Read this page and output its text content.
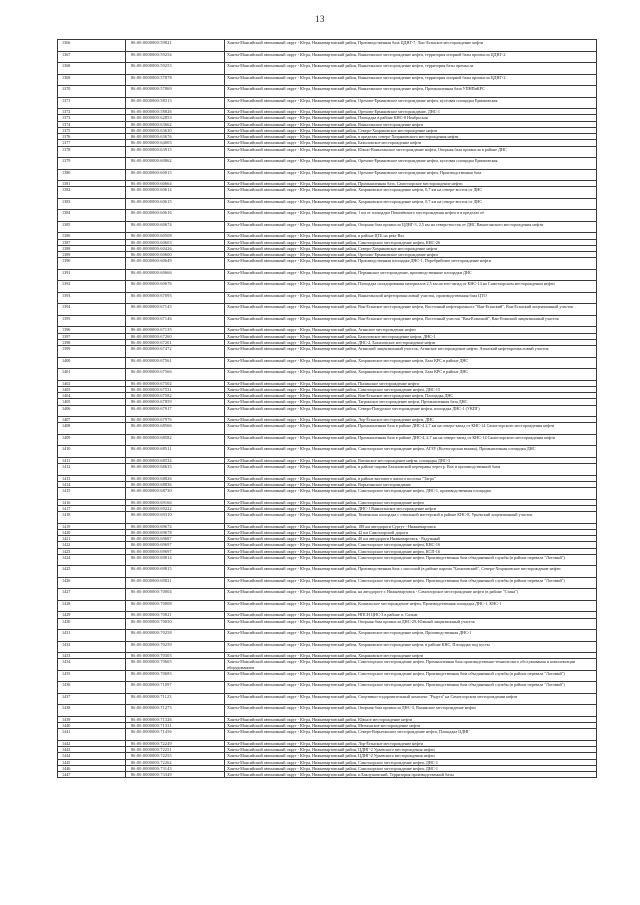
13
1366	86:00:0000000:59821	Ханты-Мансийский автономный округ - Югра, Нижневартовский район, Производственная база ЦДНГ-7, Лыс-Еганское месторождение нефти
1367	86:00:0000000:59254	Ханты-Мансийский автономный округ - Югра, Нижневартовский район, Ваньеганское месторождение нефти, территория опорной базы промысла ЦДНГ-2
1368	86:00:0000000:59253	Ханты-Мансийский автономный округ - Югра, Нижневартовский район, Ваньеганское месторождение нефти, территория базы промысла
1369	86:00:0000000:57878	Ханты-Мансийский автономный округ - Югра, Нижневартовский район, Ваньеганское месторождение нефти, территория опорной базы промысла ЦДНГ-2
1370	86:00:0000000:57869	Ханты-Мансийский автономный округ - Югра, Нижневартовский район, Ваньеганское месторождение нефти, Промышленная база УПНПиКРС
1371	86:00:0000000:58313	Ханты-Мансийский автономный округ - Югра, Нижневартовский район, Орехово-Ермаковское месторождение нефти, кустовая площадка Ермаковская
1372	86:00:0000000:58826	Ханты-Мансийский автономный округ - Югра, Нижневартовский район, Орехово-Ермаковское месторождение, ДНС-1
1373	86:00:0000000:62853	Ханты-Мансийский автономный округ - Югра, Нижневартовский район, Площадка в районе КНС-8 Ноябрьская
1374	86:00:0000000:63662	Ханты-Мансийский автономный округ - Югра, Нижневартовский район, Ваньеганское месторождение нефти
1375	86:00:0000000:63630	Ханты-Мансийский автономный округ - Югра, Нижневартовский район, Северо-Хохряковское месторождение нефти
1376	86:00:0000000:63676	Ханты-Мансийский автономный округ - Югра, Нижневартовский район, в пределах северо-Хохряковского месторождения нефти
1377	86:00:0000000:64003	Ханты-Мансийский автономный округ - Югра, Нижневартовский район, Бахиловское месторождение нефти
1378	86:00:0000000:63915	Ханты-Мансийский автономный округ - Югра, Нижневартовский район, Южно-Ваньеганское месторождение нефти, Опорная база промысла в районе ДНС
1379	86:00:0000000:60062	Ханты-Мансийский автономный округ - Югра, Нижневартовский район, Орехово-Ермаковское месторождение нефти, кустовая площадка Ермаковская
1380	86:00:0000000:60015	Ханты-Мансийский автономный округ - Югра, Нижневартовский район, Орехово-Ермаковское месторождение нефти, Производственная база
1381	86:00:0000000:60664	Ханты-Мансийский автономный округ - Югра, Нижневартовский район, Промышленная база, Самотлорское месторождение нефти
1382	86:00:0000000:60614	Ханты-Мансийский автономный округ - Югра, Нижневартовский район, Хохряковское месторождение нефти, 0,7 км на северо-восток от ДНС
1383	86:00:0000000:60615	Ханты-Мансийский автономный округ - Югра, Нижневартовский район, Хохряковское месторождение нефти, 0,7 км на северо-восток от ДНС
1384	86:00:0000000:60616	Ханты-Мансийский автономный округ - Югра, Нижневартовский район, 1 км от площадки Покачёвского месторождения нефти и в пределах её
1385	86:00:0000000:60674	Ханты-Мансийский автономный округ - Югра, Нижневартовский район, Опорная база промысла ЦДНГ-3, 2,5 км на северо-восток от ДНС Ваньеганского месторождения нефти
1386	86:00:0000000:60508	Ханты-Мансийский автономный округ - Югра, Нижневартовский район, в районе ЦТБ на реке Вах
1387	86:00:0000000:60603	Ханты-Мансийский автономный округ - Югра, Нижневартовский район, Самотлорское месторождение нефти, КНС-26
1388	86:00:0000000:60426	Ханты-Мансийский автономный округ - Югра, Нижневартовский район, Северо-Хохряковское месторождение нефти
1389	86:00:0000000:60600	Ханты-Мансийский автономный округ - Югра, Нижневартовский район, Орехово-Ермаковское месторождение нефти
1390	86:00:0000000:60649	Ханты-Мансийский автономный округ - Югра, Нижневартовский район, Производственная площадка ДНС-1, Поребрийское месторождение нефти
1391	86:00:0000000:60666	Ханты-Мансийский автономный округ - Югра, Нижневартовский район, Пермякское месторождение, производственные площадки ДНС
1392	86:00:0000000:60676	Ханты-Мансийский автономный округ - Югра, Нижневартовский район, Площадка складирования материалов 2,5 км на юго-запад от КНС-14 на Самотлорском месторождении нефти
1393	86:00:0000000:67093	Ханты-Мансийский автономный округ - Югра, Нижневартовский район, Ваньеганский нефтепромысловый участок, производственная база ЦТО
1394	86:00:0000000:67145	Ханты-Мансийский автономный округ - Югра, Нижневартовский район, Ван-Еганское месторождение нефти, Восточный нефтепромысел "Ван-Еганский", Ван-Еганский лицензионный участок
1395	86:00:0000000:67146	Ханты-Мансийский автономный округ - Югра, Нижневартовский район, Ван-Еганское месторождение нефти, Восточный участок "Ван-Еганский", Ван-Еганский лицензионный участок
1396	86:00:0000000:67135	Ханты-Мансийский автономный округ - Югра, Нижневартовский район, Агинское месторождение нефти
1397	86:00:0000000:67260	Ханты-Мансийский автономный округ - Югра, Нижневартовский район, Бахиловское месторождение нефти, ДНС-1
1398	86:00:0000000:67201	Ханты-Мансийский автономный округ - Югра, Нижневартовский район, ДНС-2, Бахиловское месторождение нефти
1399	86:00:0000000:67472	Ханты-Мансийский автономный округ - Югра, Нижневартовский район, Агинский лицензионный участок, Агинское месторождение нефти, Агинский нефтепромысловый участок
1400	86:00:0000000:67561	Ханты-Мансийский автономный округ - Югра, Нижневартовский район, Хохряковское месторождение нефти, База КРС в районе ДНС
1401	86:00:0000000:67566	Ханты-Мансийский автономный округ - Югра, Нижневартовский район, Хохряковское месторождение нефти, База КРС в районе ДНС
1402	86:00:0000000:67502	Ханты-Мансийский автономный округ - Югра, Нижневартовский район, Пылинское месторождение нефти
1403	86:00:0000000:67531	Ханты-Мансийский автономный округ - Югра, Нижневартовский район, Самотлорское месторождение нефти, ДНС-15
1404	86:00:0000000:67582	Ханты-Мансийский автономный округ - Югра, Нижневартовский район, Ван-Еганское месторождение нефти, Площадка ДНС
1405	86:00:0000000:67859	Ханты-Мансийский автономный округ - Югра, Нижневартовский район, Тагринское месторождение нефти, Промышленная база ДНС
1406	86:00:0000000:67917	Ханты-Мансийский автономный округ - Югра, Нижневартовский район, Северо-Покурское месторождение нефти, площадка ДНС-1 (УКПГ)
1407	86:00:0000000:67976	Ханты-Мансийский автономный округ - Югра, Нижневартовский район, Лор-Ёганское месторождение нефти, ДНС
1408	86:00:0000000:68566	Ханты-Мансийский автономный округ - Югра, Нижневартовский район, Промышленная база в районе ДНС-4 2,7 км на северо-запад от КНС-14 Самотлорского месторождения нефти
1409	86:00:0000000:68582	Ханты-Мансийский автономный округ - Югра, Нижневартовский район, Промышленная база в районе ДНС-4, 2,7 км на северо-запад от КНС-14 Самотлорского месторождения нефти
1410	86:00:0000000:68511	Ханты-Мансийский автономный округ - Югра, Нижневартовский район, Самотлорское месторождение нефти, АГЗУ (Колтогорская вышка), Промышленная площадка ДНС
1411	86:00:0000000:68534	Ханты-Мансийский автономный округ - Югра, Нижневартовский район, Ватинское месторождение нефти, площадка ДНС-3
1412	86:00:0000000:68635	Ханты-Мансийский автономный округ - Югра, Нижневартовский район, в районе парома Бахиловской переправы через р. Вах и производственной базы
1413	86:00:0000000:68826	Ханты-Мансийский автономный округ - Югра, Нижневартовский район, в районе вахтового жилого поселка "Тагра"
1414	86:00:0000000:68836	Ханты-Мансийский автономный округ - Югра, Нижневартовский район, Варьеганское месторождение
1415	86:00:0000000:68730	Ханты-Мансийский автономный округ - Югра, Нижневартовский район, Самотлорское месторождение нефти, ДНС-1, производственная площадка
1416	86:00:0000000:69166	Ханты-Мансийский автономный округ - Югра, Нижневартовский район, Самотлорское месторождение нефти
1417	86:00:0000000:69222	Ханты-Мансийский автономный округ - Югра, Нижневартовский район, ДНС-1 Ваньеганское месторождение нефти
1418	86:00:0000000:69310	Ханты-Мансийский автономный округ - Югра, Нижневартовский район, Тюменская площадка с отвальной мастерской в районе КНС-8, Урьевский лицензионный участок
1419	86:00:0000000:69674	Ханты-Мансийский автономный округ - Югра, Нижневартовский район, 188 км автодороги Сургут - Нижневартовск
1420	86:00:0000000:69678	Ханты-Мансийский автономный округ - Югра, Нижневартовский район, 42 км Самотлорской дороги
1421	86:00:0000000:69687	Ханты-Мансийский автономный округ - Югра, Нижневартовский район, 40 км автодороги Нижневартовск - Радужный
1422	86:00:0000000:69697	Ханты-Мансийский автономный округ - Югра, Нижневартовский район, Самотлорское месторождение нефти, КНС-16
1423	86:00:0000000:69697	Ханты-Мансийский автономный округ - Югра, Нижневартовский район, Самотлорское месторождение нефти, КСП-16
1424	86:00:0000000:69814	Ханты-Мансийский автономный округ - Югра, Нижневартовский район, Самотлорское месторождение нефти, Производственная база объединенной службы (в районе перевала "Лотовый")
1425	86:00:0000000:69815	Ханты-Мансийский автономный округ - Югра, Нижневартовский район, Производственная база с насосной (в районе парома "Бахиловский", Северо-Хохряковское месторождение нефти
1426	86:00:0000000:69821	Ханты-Мансийский автономный округ - Югра, Нижневартовский район, Самотлорское месторождение нефти, Производственная база объединенной службы (в районе перевала "Лотовый")
1427	86:00:0000000:70004	Ханты-Мансийский автономный округ - Югра, Нижневартовский район, на автодороге г. Нижневартовск - Самотлорское месторождение нефти (в районе "Стана")
1428	86:00:0000000:70008	Ханты-Мансийский автономный округ - Югра, Нижневартовский район, Кошильское месторождение нефти, Производственная площадка ДНС-1, КНС-1
1429	86:00:0000000:70021	Ханты-Мансийский автономный округ - Югра, Нижневартовский район, НПСН ЦНС-3 в районе п. Салым
1430	86:00:0000000:70050	Ханты-Мансийский автономный округ - Югра, Нижневартовский район, Опорная база промысла ДНС-29, Южный лицензионный участок
1431	86:00:0000000:70258	Ханты-Мансийский автономный округ - Югра, Нижневартовский район, Хохряковское месторождение нефти, Производственная ДНС-1
1432	86:00:0000000:70259	Ханты-Мансийский автономный округ - Югра, Нижневартовский район, Хохряковское месторождение нефти, в районе КНС, Площадка под кусты
1433	86:00:0000000:70303	Ханты-Мансийский автономный округ - Югра, Нижневартовский район, Хохряковское месторождение нефти
1434	86:00:0000000:70665	Ханты-Мансийский автономный округ - Югра, Нижневартовский район, Самотлорское месторождение нефти, Промышленная база производственно-технического обслуживания и комплектации оборудованием
1435	86:00:0000000:70683	Ханты-Мансийский автономный округ - Югра, Нижневартовский район, Самотлорское месторождение нефти, Производственная база объединенной службы (в районе перевала "Лотовый")
1436	86:00:0000000:71097	Ханты-Мансийский автономный округ - Югра, Нижневартовский район, Самотлорское месторождение нефти, Производственная база объединенной службы (в районе перевала "Лотовый")
1437	86:00:0000000:71123	Ханты-Мансийский автономный округ - Югра, Нижневартовский район, Спортивно-оздоровительный комплекс "Радуга" на Самотлорском месторождении нефти
1438	86:00:0000000:71273	Ханты-Мансийский автономный округ - Югра, Нижневартовский район, Опорная база промысла ДНС-3, Вахинское месторождение нефти
1439	86:00:0000000:71326	Ханты-Мансийский автономный округ - Югра, Нижневартовский район, Южное месторождение нефти
1440	86:00:0000000:71331	Ханты-Мансийский автономный округ - Югра, Нижневартовский район, Мегионское месторождение нефти
1441	86:00:0000000:71456	Ханты-Мансийский автономный округ - Югра, Нижневартовский район, Северо-Варьеганское месторождение нефти, Площадка ЦДНГ
1442	86:00:0000000:72249	Ханты-Мансийский автономный округ - Югра, Нижневартовский район, Лор-Ёганское месторождение нефти
1443	86:00:0000000:72251	Ханты-Мансийский автономный округ - Югра, Нижневартовский район, ЦДНГ-2 Урьевского месторождения нефти
1444	86:00:0000000:72255	Ханты-Мансийский автономный округ - Югра, Нижневартовский район, ЦДНГ-2 Урьевского месторождения нефти
1445	86:00:0000000:72262	Ханты-Мансийский автономный округ - Югра, Нижневартовский район, Самотлорское месторождение нефти, ДНС-1
1446	86:00:0000000:73143	Ханты-Мансийский автономный округ - Югра, Нижневартовский район, Самотлорское месторождение нефти, ДНС-1
1447	86:00:0000000:73349	Ханты-Мансийский автономный округ - Югра, Нижневартовский район, п.Баклушовский, Территория производственной базы
